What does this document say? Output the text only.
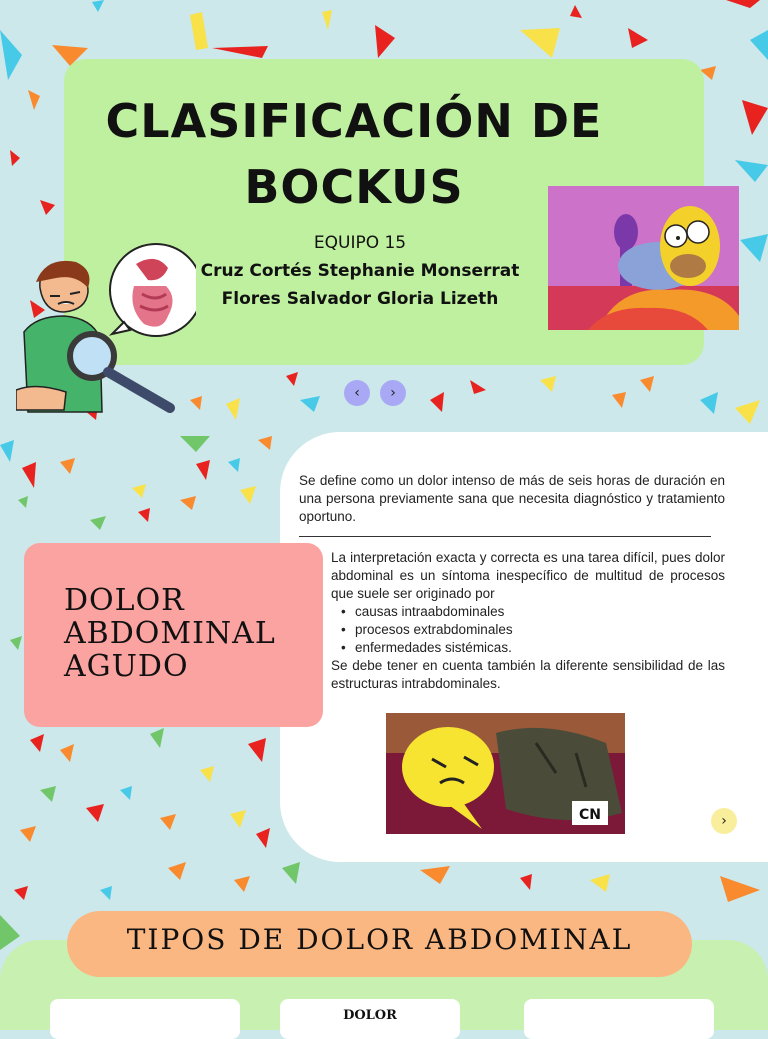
CLASIFICACIÓN DE
BOCKUS
EQUIPO 15
Cruz Cortés Stephanie Monserrat
Flores Salvador Gloria Lizeth
‹ ›
DOLOR
ABDOMINAL
AGUDO
Se define como un dolor intenso de más de seis horas de duración en una persona previamente sana que necesita diagnóstico y tratamiento oportuno.
La interpretación exacta y correcta es una tarea difícil, pues dolor abdominal es un síntoma inespecífico de multitud de procesos que suele ser originado por
• causas intraabdominales
• procesos extrabdominales
• enfermedades sistémicas.
Se debe tener en cuenta también la diferente sensibilidad de las estructuras intrabdominales.
CN	›
TIPOS DE DOLOR ABDOMINAL
DOLOR
